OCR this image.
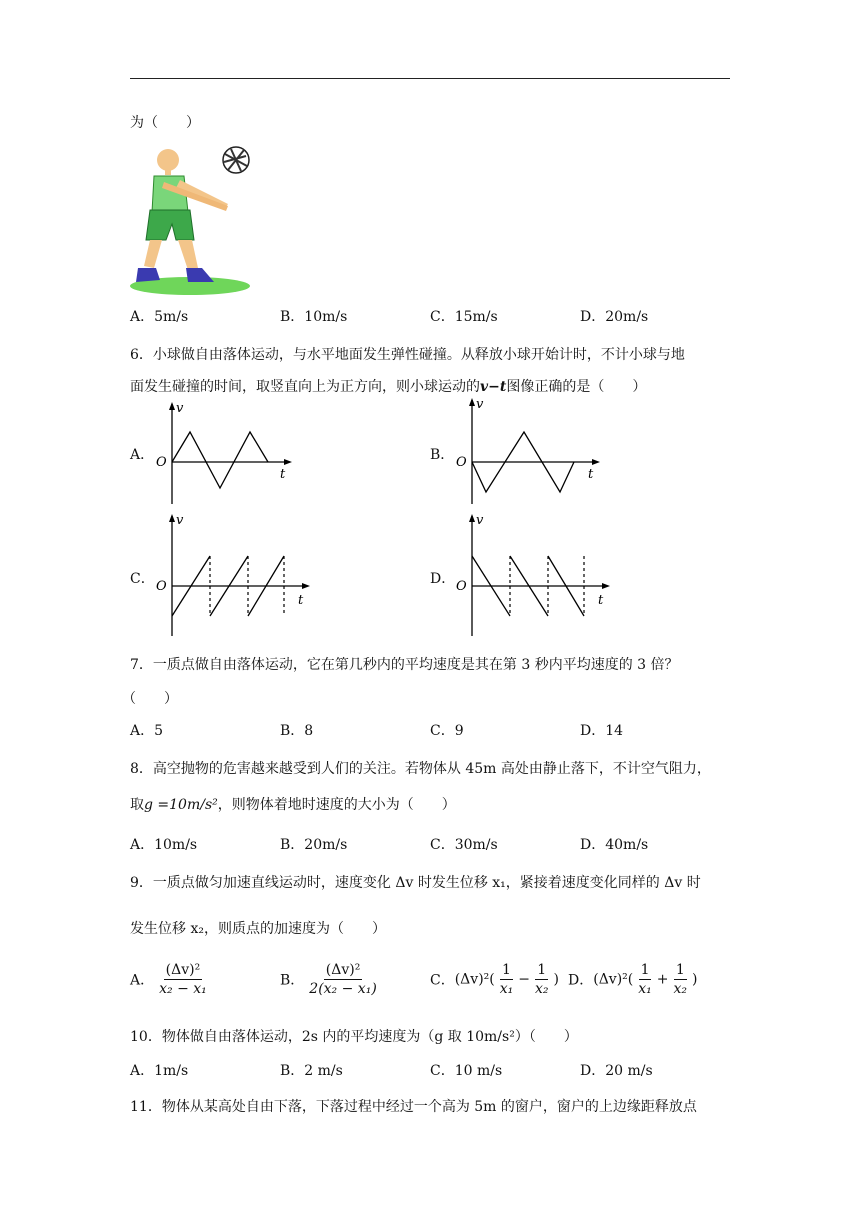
为（　　）
A．5m/s	B．10m/s	C．15m/s	D．20m/s
6．小球做自由落体运动，与水平地面发生弹性碰撞。从释放小球开始计时，不计小球与地
面发生碰撞的时间，取竖直向上为正方向，则小球运动的v−t图像正确的是（　　）
A．
v
t
O	B．
v
t
O
C．
v
t
O	D．
v
t
O
7．一质点做自由落体运动，它在第几秒内的平均速度是其在第 3 秒内平均速度的 3 倍？
（　　）
A．5	B．8	C．9	D．14
8．高空抛物的危害越来越受到人们的关注。若物体从 45m 高处由静止落下，不计空气阻力，
取g =10m/s²，则物体着地时速度的大小为（　　）
A．10m/s	B．20m/s	C．30m/s	D．40m/s
9．一质点做匀加速直线运动时，速度变化 Δv 时发生位移 x₁，紧接着速度变化同样的 Δv 时
发生位移 x₂，则质点的加速度为（　　）
A． $\frac{\text{(Δv)²}}{\text{x₂ − x₁}}$	B． $\frac{\text{(Δv)²}}{\text{2(x₂ − x₁)}}$	C．$(\Delta v)^2( \frac{1}{\text{x₁}} - \frac{1}{\text{x₂}}$ ) D．$(\Delta v)^2( \frac{1}{\text{x₁}} + \frac{1}{\text{x₂}}$ )
10．物体做自由落体运动，2s 内的平均速度为（g 取 10m/s²）（　　）
A．1m/s	B．2 m/s	C．10 m/s	D．20 m/s
11．物体从某高处自由下落，下落过程中经过一个高为 5m 的窗户，窗户的上边缘距释放点
